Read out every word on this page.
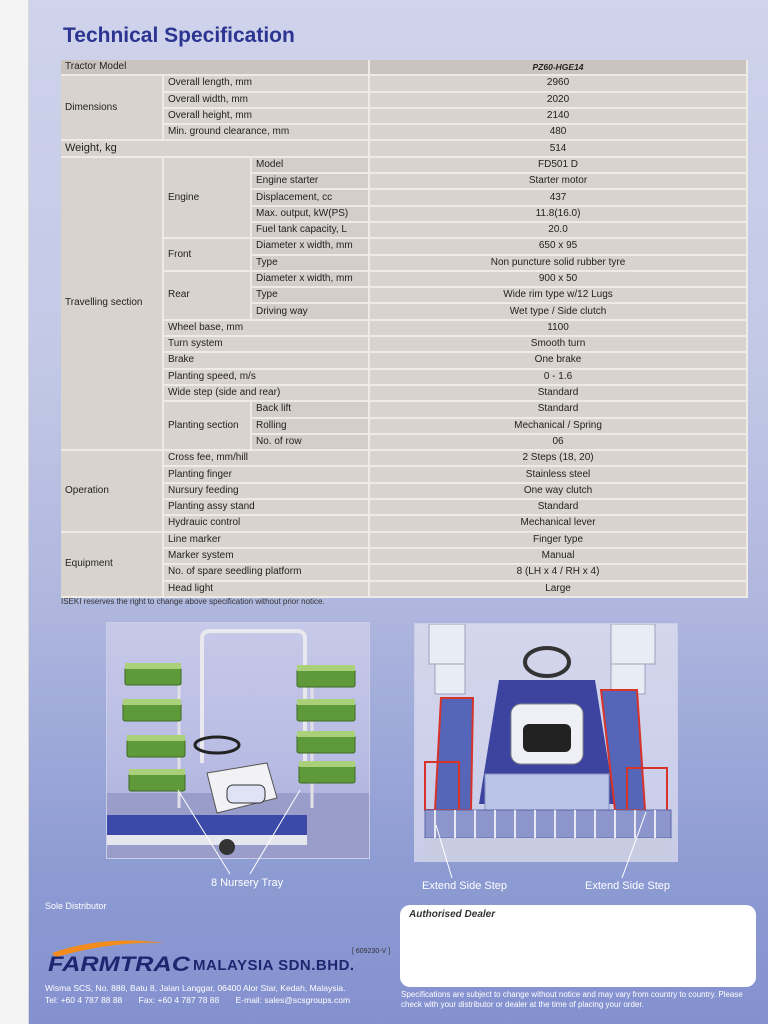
Technical Specification
Tractor Model			PZ60-HGE14
Dimensions	Overall length, mm		2960
	Overall width, mm		2020
	Overall height, mm		2140
	Min. ground clearance, mm		480
Weight, kg			514
Travelling section	Engine	Model	FD501 D
		Engine starter	Starter motor
		Displacement, cc	437
		Max. output, kW(PS)	11.8(16.0)
		Fuel tank capacity, L	20.0
	Front	Diameter x width, mm	650 x 95
		Type	Non puncture solid rubber tyre
	Rear	Diameter x width, mm	900 x 50
		Type	Wide rim type w/12 Lugs
		Driving way	Wet type / Side clutch
	Wheel base, mm		1100
	Turn system		Smooth turn
	Brake		One brake
	Planting speed, m/s		0 - 1.6
	Wide step (side and rear)		Standard
	Planting section	Back lift	Standard
		Rolling	Mechanical / Spring
		No. of row	06
Operation	Cross fee, mm/hill		2 Steps (18, 20)
	Planting finger		Stainless steel
	Nursury feeding		One way clutch
	Planting assy stand		Standard
	Hydrauic control		Mechanical lever
Equipment	Line marker		Finger type
	Marker system		Manual
	No. of spare seedling platform		8 (LH x 4 / RH x 4)
	Head light		Large
ISEKI reserves the right to change above specification without prior notice.
8 Nursery Tray	Extend Side Step	Extend Side Step
Sole Distributor
Authorised Dealer
[ 609230-V ]
FARMTRAC MALAYSIA SDN.BHD.
Wisma SCS, No. 888, Batu 8, Jalan Langgar, 06400 Alor Star, Kedah, Malaysia.
Tel: +60 4 787 88 88 Fax: +60 4 787 78 88 E-mail: sales@scsgroups.com
Specifications are subject to change without notice and may vary from country to country. Please check with your distributor or dealer at the time of placing your order.
